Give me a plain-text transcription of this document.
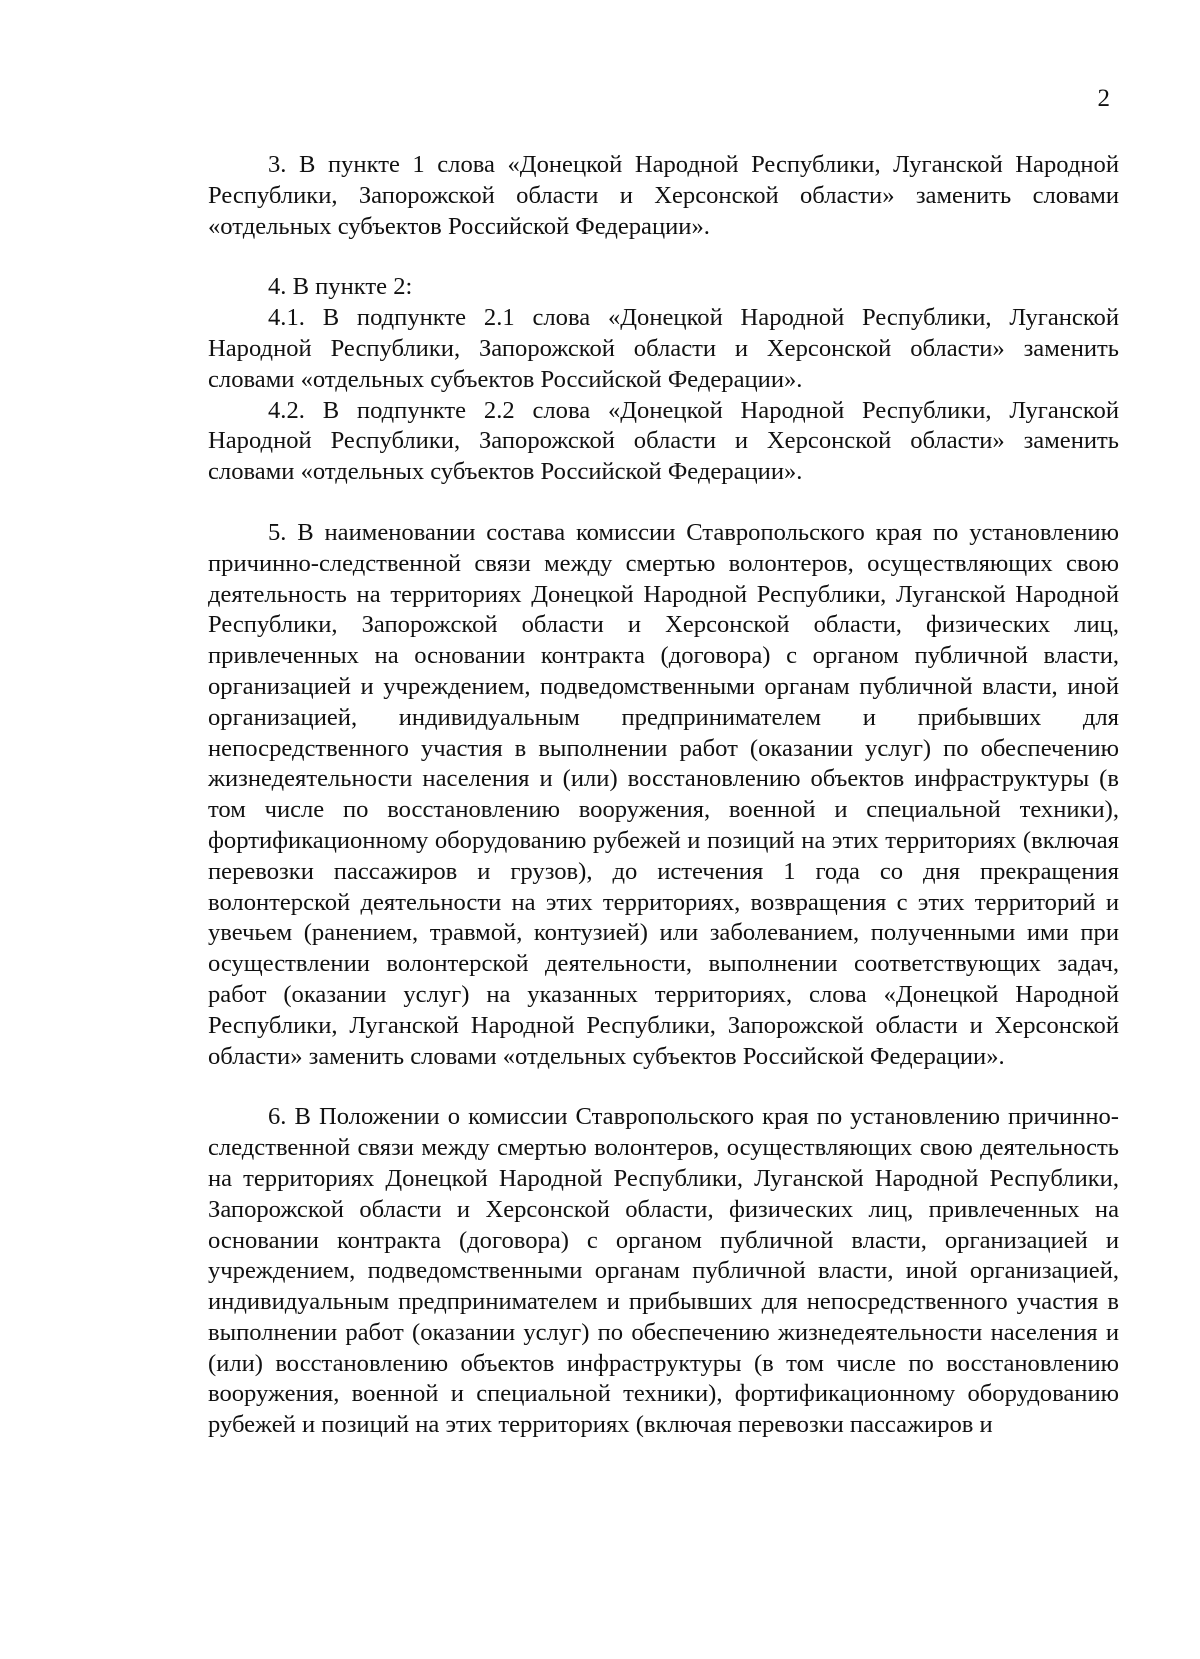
2

3. В пункте 1 слова «Донецкой Народной Республики, Луганской Народной Республики, Запорожской области и Херсонской области» заменить словами «отдельных субъектов Российской Федерации».

4. В пункте 2:

4.1. В подпункте 2.1 слова «Донецкой Народной Республики, Луганской Народной Республики, Запорожской области и Херсонской области» заменить словами «отдельных субъектов Российской Федерации».

4.2. В подпункте 2.2 слова «Донецкой Народной Республики, Луганской Народной Республики, Запорожской области и Херсонской области» заменить словами «отдельных субъектов Российской Федерации».

5. В наименовании состава комиссии Ставропольского края по установлению причинно-следственной связи между смертью волонтеров, осуществляющих свою деятельность на территориях Донецкой Народной Республики, Луганской Народной Республики, Запорожской области и Херсонской области, физических лиц, привлеченных на основании контракта (договора) с органом публичной власти, организацией и учреждением, подведомственными органам публичной власти, иной организацией, индивидуальным предпринимателем и прибывших для непосредственного участия в выполнении работ (оказании услуг) по обеспечению жизнедеятельности населения и (или) восстановлению объектов инфраструктуры (в том числе по восстановлению вооружения, военной и специальной техники), фортификационному оборудованию рубежей и позиций на этих территориях (включая перевозки пассажиров и грузов), до истечения 1 года со дня прекращения волонтерской деятельности на этих территориях, возвращения с этих территорий и увечьем (ранением, травмой, контузией) или заболеванием, полученными ими при осуществлении волонтерской деятельности, выполнении соответствующих задач, работ (оказании услуг) на указанных территориях, слова «Донецкой Народной Республики, Луганской Народной Республики, Запорожской области и Херсонской области» заменить словами «отдельных субъектов Российской Федерации».

6. В Положении о комиссии Ставропольского края по установлению причинно-следственной связи между смертью волонтеров, осуществляющих свою деятельность на территориях Донецкой Народной Республики, Луганской Народной Республики, Запорожской области и Херсонской области, физических лиц, привлеченных на основании контракта (договора) с органом публичной власти, организацией и учреждением, подведомственными органам публичной власти, иной организацией, индивидуальным предпринимателем и прибывших для непосредственного участия в выполнении работ (оказании услуг) по обеспечению жизнедеятельности населения и (или) восстановлению объектов инфраструктуры (в том числе по восстановлению вооружения, военной и специальной техники), фортификационному оборудованию рубежей и позиций на этих территориях (включая перевозки пассажиров и
